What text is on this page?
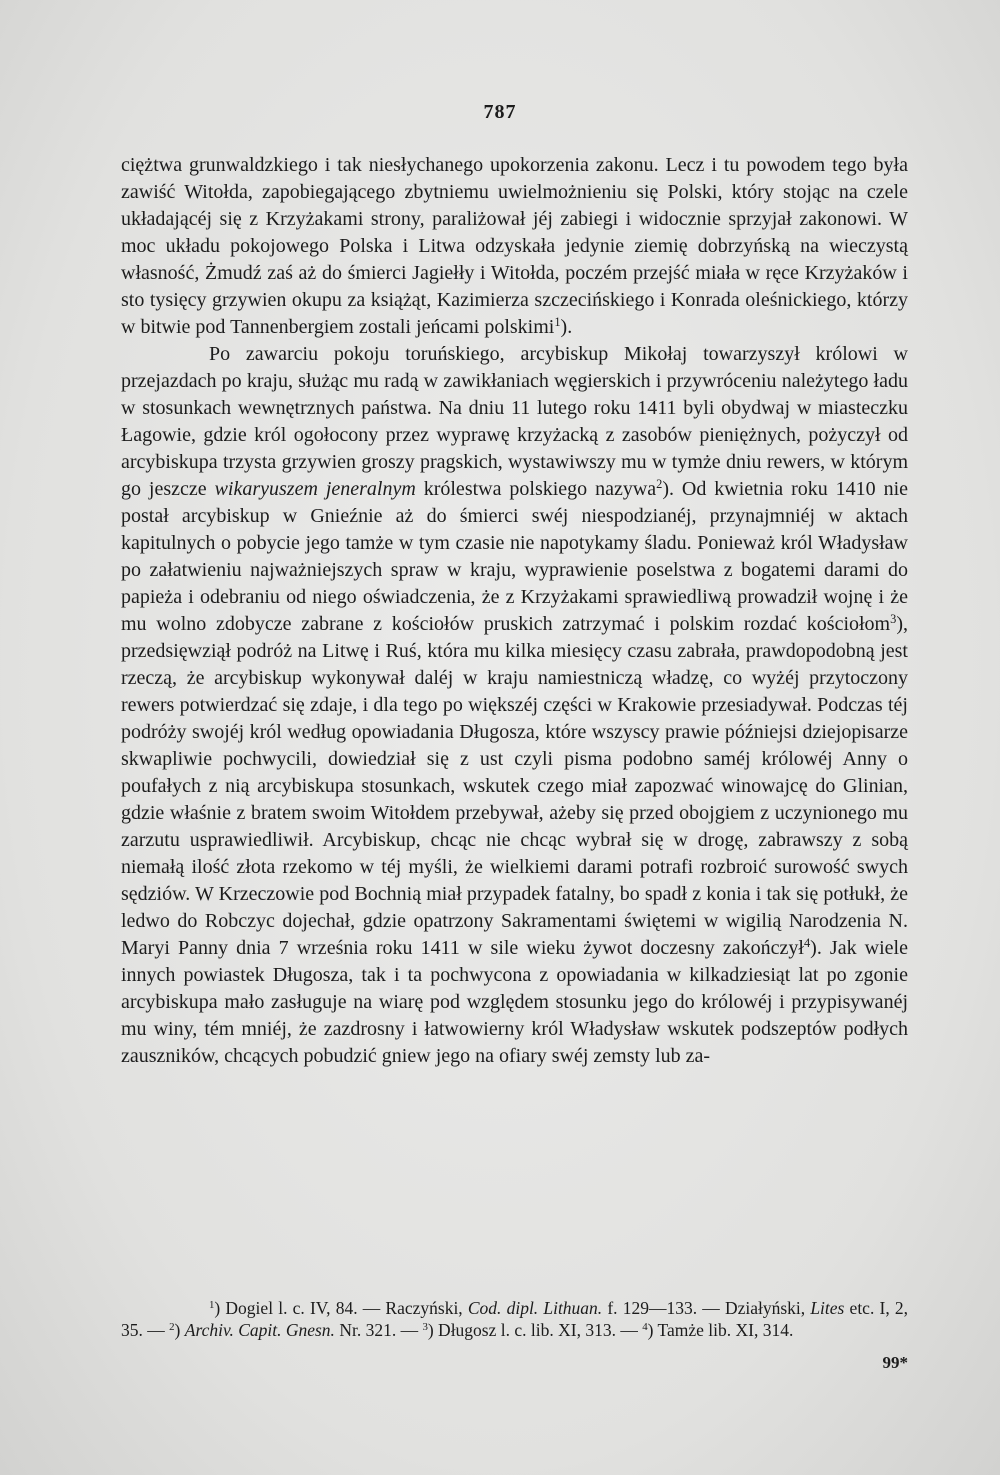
787

ciężtwa grunwaldzkiego i tak niesłychanego upokorzenia zakonu. Lecz i tu powodem tego była zawiść Witołda, zapobiegającego zbytniemu uwielmożnieniu się Polski, który stojąc na czele układającéj się z Krzyżakami strony, paraliżował jéj zabiegi i widocznie sprzyjał zakonowi. W moc układu pokojowego Polska i Litwa odzyskała jedynie ziemię dobrzyńską na wieczystą własność, Żmudź zaś aż do śmierci Jagiełły i Witołda, poczém przejść miała w ręce Krzyżaków i sto tysięcy grzywien okupu za książąt, Kazimierza szczecińskiego i Konrada oleśnickiego, którzy w bitwie pod Tannenbergiem zostali jeńcami polskimi$^1$).

Po zawarciu pokoju toruńskiego, arcybiskup Mikołaj towarzyszył królowi w przejazdach po kraju, służąc mu radą w zawikłaniach węgierskich i przywróceniu należytego ładu w stosunkach wewnętrznych państwa. Na dniu 11 lutego roku 1411 byli obydwaj w miasteczku Łagowie, gdzie król ogołocony przez wyprawę krzyżacką z zasobów pieniężnych, pożyczył od arcybiskupa trzysta grzywien groszy pragskich, wystawiwszy mu w tymże dniu rewers, w którym go jeszcze wikaryuszem jeneralnym królestwa polskiego nazywa$^2$). Od kwietnia roku 1410 nie postał arcybiskup w Gnieźnie aż do śmierci swéj niespodzianéj, przynajmniéj w aktach kapitulnych o pobycie jego tamże w tym czasie nie napotykamy śladu. Ponieważ król Władysław po załatwieniu najważniejszych spraw w kraju, wyprawienie poselstwa z bogatemi darami do papieża i odebraniu od niego oświadczenia, że z Krzyżakami sprawiedliwą prowadził wojnę i że mu wolno zdobycze zabrane z kościołów pruskich zatrzymać i polskim rozdać kościołom$^3$), przedsięwziął podróż na Litwę i Ruś, która mu kilka miesięcy czasu zabrała, prawdopodobną jest rzeczą, że arcybiskup wykonywał daléj w kraju namiestniczą władzę, co wyżéj przytoczony rewers potwierdzać się zdaje, i dla tego po większéj części w Krakowie przesiadywał. Podczas téj podróży swojéj król według opowiadania Długosza, które wszyscy prawie późniejsi dziejopisarze skwapliwie pochwycili, dowiedział się z ust czyli pisma podobno saméj królowéj Anny o poufałych z nią arcybiskupa stosunkach, wskutek czego miał zapozwać winowajcę do Glinian, gdzie właśnie z bratem swoim Witołdem przebywał, ażeby się przed obojgiem z uczynionego mu zarzutu usprawiedliwił. Arcybiskup, chcąc nie chcąc wybrał się w drogę, zabrawszy z sobą niemałą ilość złota rzekomo w téj myśli, że wielkiemi darami potrafi rozbroić surowość swych sędziów. W Krzeczowie pod Bochnią miał przypadek fatalny, bo spadł z konia i tak się potłukł, że ledwo do Robczyc dojechał, gdzie opatrzony Sakramentami świętemi w wigilią Narodzenia N. Maryi Panny dnia 7 września roku 1411 w sile wieku żywot doczesny zakończył$^4$). Jak wiele innych powiastek Długosza, tak i ta pochwycona z opowiadania w kilkadziesiąt lat po zgonie arcybiskupa mało zasługuje na wiarę pod względem stosunku jego do królowéj i przypisywanéj mu winy, tém mniéj, że zazdrosny i łatwowierny król Władysław wskutek podszeptów podłych zauszników, chcących pobudzić gniew jego na ofiary swéj zemsty lub za-

$^1$) Dogiel l. c. IV, 84. — Raczyński, Cod. dipl. Lithuan. f. 129—133. — Działyński, Lites etc. I, 2, 35. — $^2$) Archiv. Capit. Gnesn. Nr. 321. — $^3$) Długosz l. c. lib. XI, 313. — $^4$) Tamże lib. XI, 314.

99*
